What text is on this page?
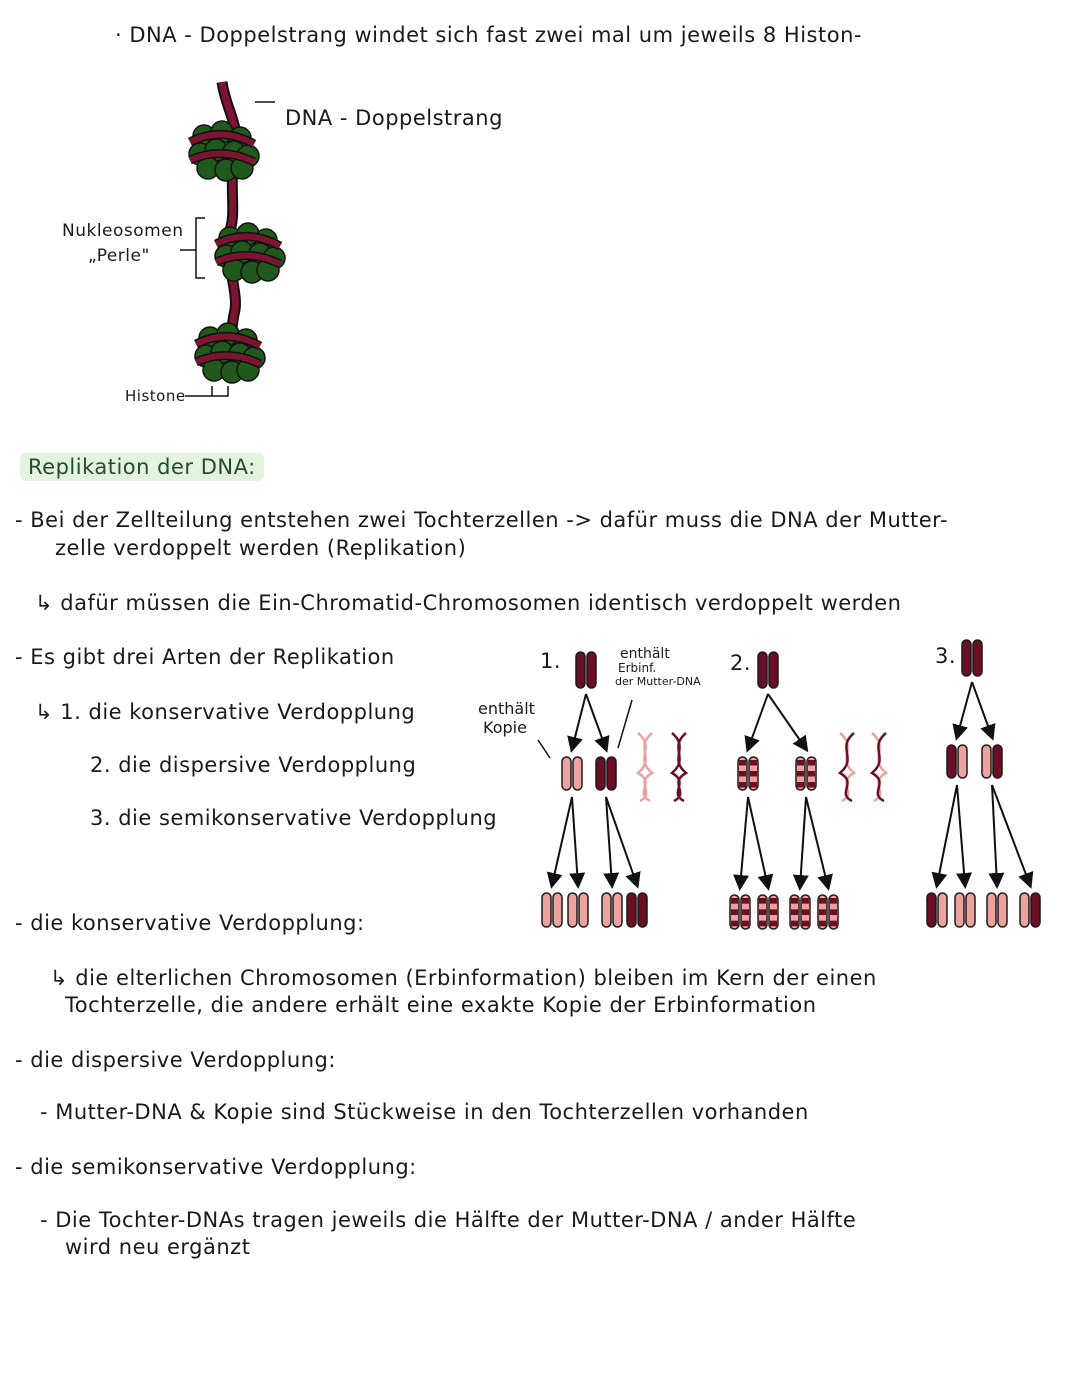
· DNA - Doppelstrang windet sich fast zwei mal um jeweils 8 Histon-
DNA - Doppelstrang
Nukleosomen
„Perle"
Histone
Replikation der DNA:
- Bei der Zellteilung entstehen zwei Tochterzellen -> dafür muss die DNA der Mutter-
zelle verdoppelt werden (Replikation)
↳ dafür müssen die Ein-Chromatid-Chromosomen identisch verdoppelt werden
- Es gibt drei Arten der Replikation
↳ 1. die konservative Verdopplung
2. die dispersive Verdopplung
3. die semikonservative Verdopplung
1.	2.	3.
enthält
Erbinf.
der Mutter-DNA
enthält
Kopie
- die konservative Verdopplung:
↳ die elterlichen Chromosomen (Erbinformation) bleiben im Kern der einen
Tochterzelle, die andere erhält eine exakte Kopie der Erbinformation
- die dispersive Verdopplung:
- Mutter-DNA & Kopie sind Stückweise in den Tochterzellen vorhanden
- die semikonservative Verdopplung:
- Die Tochter-DNAs tragen jeweils die Hälfte der Mutter-DNA / ander Hälfte
wird neu ergänzt
